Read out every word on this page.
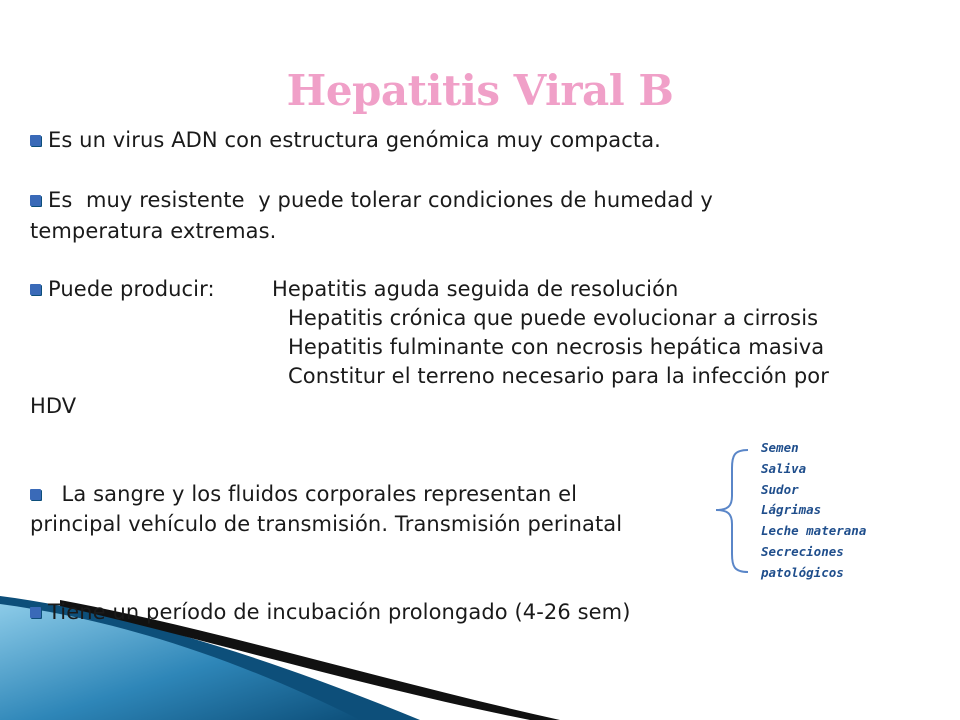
Hepatitis Viral B
Es un virus ADN con estructura genómica muy compacta.
Es  muy resistente  y puede tolerar condiciones de humedad y
temperatura extremas.
Puede producir:	Hepatitis aguda seguida de resolución
Hepatitis crónica que puede evolucionar a cirrosis
Hepatitis fulminante con necrosis hepática masiva
Constitur el terreno necesario para la infección por
HDV
La sangre y los fluidos corporales representan el
principal vehículo de transmisión. Transmisión perinatal
Tiene un período de incubación prolongado (4-26 sem)
Semen
Saliva
Sudor
Lágrimas
Leche materana
Secreciones
patológicos
